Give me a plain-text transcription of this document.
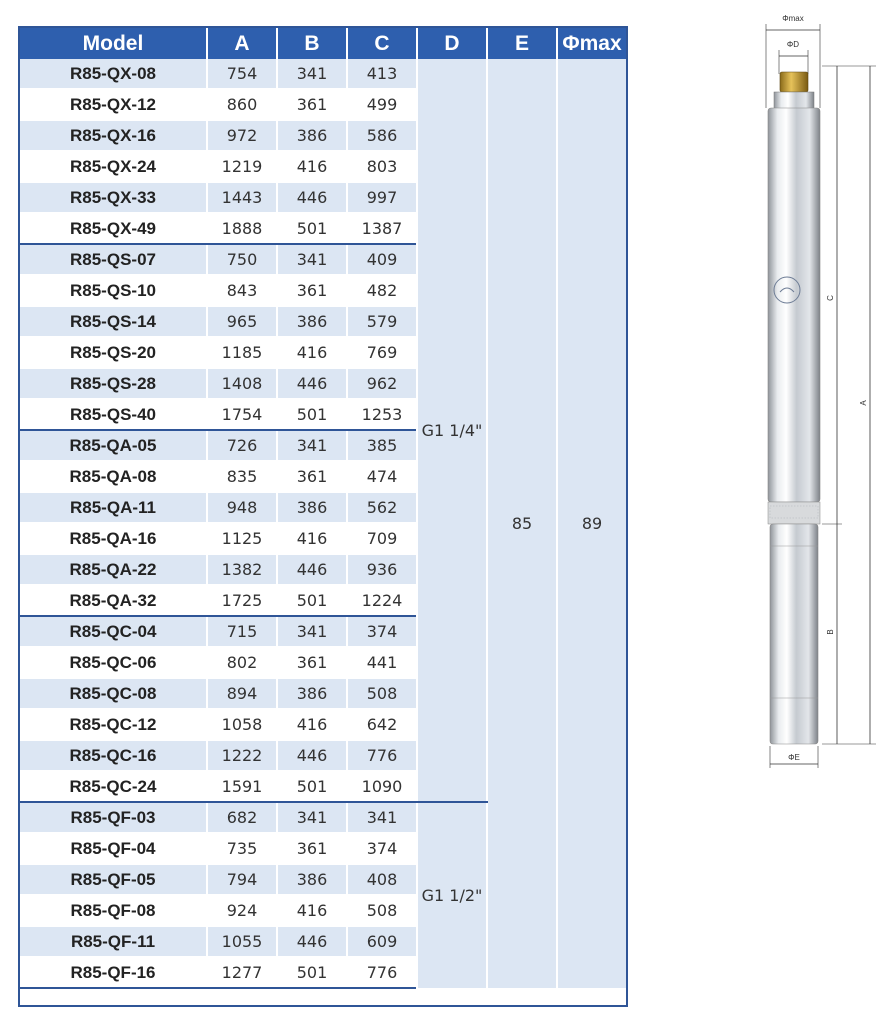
Model	A	B	C	D	E	Φmax
R85-QX-08	754	341	413	G1 1/4"	85	89
R85-QX-12	860	361	499			
R85-QX-16	972	386	586			
R85-QX-24	1219	416	803			
R85-QX-33	1443	446	997			
R85-QX-49	1888	501	1387			
R85-QS-07	750	341	409			
R85-QS-10	843	361	482			
R85-QS-14	965	386	579			
R85-QS-20	1185	416	769			
R85-QS-28	1408	446	962			
R85-QS-40	1754	501	1253			
R85-QA-05	726	341	385			
R85-QA-08	835	361	474			
R85-QA-11	948	386	562			
R85-QA-16	1125	416	709			
R85-QA-22	1382	446	936			
R85-QA-32	1725	501	1224			
R85-QC-04	715	341	374			
R85-QC-06	802	361	441			
R85-QC-08	894	386	508			
R85-QC-12	1058	416	642			
R85-QC-16	1222	446	776			
R85-QC-24	1591	501	1090			
R85-QF-03	682	341	341	G1 1/2"		
R85-QF-04	735	361	374			
R85-QF-05	794	386	408			
R85-QF-08	924	416	508			
R85-QF-11	1055	446	609			
R85-QF-16	1277	501	776			
Φmax
ΦD
C
A
B
ΦE
